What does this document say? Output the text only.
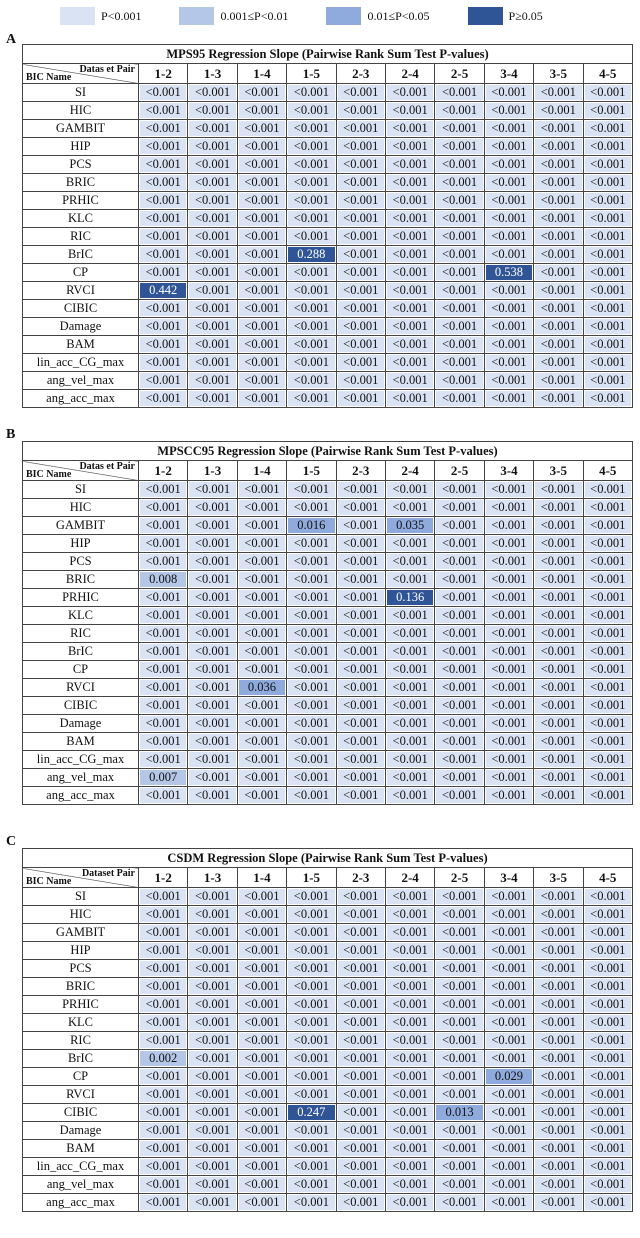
P<0.001	0.001≤P<0.01	0.01≤P<0.05	P≥0.05
A
MPS95 Regression Slope (Pairwise Rank Sum Test P-values)										

Datas et Pair
BIC Name	1-2	1-3	1-4	1-5	2-3	2-4	2-5	3-4	3-5	4-5
SI	<0.001	<0.001	<0.001	<0.001	<0.001	<0.001	<0.001	<0.001	<0.001	<0.001
HIC	<0.001	<0.001	<0.001	<0.001	<0.001	<0.001	<0.001	<0.001	<0.001	<0.001
GAMBIT	<0.001	<0.001	<0.001	<0.001	<0.001	<0.001	<0.001	<0.001	<0.001	<0.001
HIP	<0.001	<0.001	<0.001	<0.001	<0.001	<0.001	<0.001	<0.001	<0.001	<0.001
PCS	<0.001	<0.001	<0.001	<0.001	<0.001	<0.001	<0.001	<0.001	<0.001	<0.001
BRIC	<0.001	<0.001	<0.001	<0.001	<0.001	<0.001	<0.001	<0.001	<0.001	<0.001
PRHIC	<0.001	<0.001	<0.001	<0.001	<0.001	<0.001	<0.001	<0.001	<0.001	<0.001
KLC	<0.001	<0.001	<0.001	<0.001	<0.001	<0.001	<0.001	<0.001	<0.001	<0.001
RIC	<0.001	<0.001	<0.001	<0.001	<0.001	<0.001	<0.001	<0.001	<0.001	<0.001
BrIC	<0.001	<0.001	<0.001	0.288	<0.001	<0.001	<0.001	<0.001	<0.001	<0.001
CP	<0.001	<0.001	<0.001	<0.001	<0.001	<0.001	<0.001	0.538	<0.001	<0.001
RVCI	0.442	<0.001	<0.001	<0.001	<0.001	<0.001	<0.001	<0.001	<0.001	<0.001
CIBIC	<0.001	<0.001	<0.001	<0.001	<0.001	<0.001	<0.001	<0.001	<0.001	<0.001
Damage	<0.001	<0.001	<0.001	<0.001	<0.001	<0.001	<0.001	<0.001	<0.001	<0.001
BAM	<0.001	<0.001	<0.001	<0.001	<0.001	<0.001	<0.001	<0.001	<0.001	<0.001
lin_acc_CG_max	<0.001	<0.001	<0.001	<0.001	<0.001	<0.001	<0.001	<0.001	<0.001	<0.001
ang_vel_max	<0.001	<0.001	<0.001	<0.001	<0.001	<0.001	<0.001	<0.001	<0.001	<0.001
ang_acc_max	<0.001	<0.001	<0.001	<0.001	<0.001	<0.001	<0.001	<0.001	<0.001	<0.001
B
MPSCC95 Regression Slope (Pairwise Rank Sum Test P-values)										

Datas et Pair
BIC Name	1-2	1-3	1-4	1-5	2-3	2-4	2-5	3-4	3-5	4-5
SI	<0.001	<0.001	<0.001	<0.001	<0.001	<0.001	<0.001	<0.001	<0.001	<0.001
HIC	<0.001	<0.001	<0.001	<0.001	<0.001	<0.001	<0.001	<0.001	<0.001	<0.001
GAMBIT	<0.001	<0.001	<0.001	0.016	<0.001	0.035	<0.001	<0.001	<0.001	<0.001
HIP	<0.001	<0.001	<0.001	<0.001	<0.001	<0.001	<0.001	<0.001	<0.001	<0.001
PCS	<0.001	<0.001	<0.001	<0.001	<0.001	<0.001	<0.001	<0.001	<0.001	<0.001
BRIC	0.008	<0.001	<0.001	<0.001	<0.001	<0.001	<0.001	<0.001	<0.001	<0.001
PRHIC	<0.001	<0.001	<0.001	<0.001	<0.001	0.136	<0.001	<0.001	<0.001	<0.001
KLC	<0.001	<0.001	<0.001	<0.001	<0.001	<0.001	<0.001	<0.001	<0.001	<0.001
RIC	<0.001	<0.001	<0.001	<0.001	<0.001	<0.001	<0.001	<0.001	<0.001	<0.001
BrIC	<0.001	<0.001	<0.001	<0.001	<0.001	<0.001	<0.001	<0.001	<0.001	<0.001
CP	<0.001	<0.001	<0.001	<0.001	<0.001	<0.001	<0.001	<0.001	<0.001	<0.001
RVCI	<0.001	<0.001	0.036	<0.001	<0.001	<0.001	<0.001	<0.001	<0.001	<0.001
CIBIC	<0.001	<0.001	<0.001	<0.001	<0.001	<0.001	<0.001	<0.001	<0.001	<0.001
Damage	<0.001	<0.001	<0.001	<0.001	<0.001	<0.001	<0.001	<0.001	<0.001	<0.001
BAM	<0.001	<0.001	<0.001	<0.001	<0.001	<0.001	<0.001	<0.001	<0.001	<0.001
lin_acc_CG_max	<0.001	<0.001	<0.001	<0.001	<0.001	<0.001	<0.001	<0.001	<0.001	<0.001
ang_vel_max	0.007	<0.001	<0.001	<0.001	<0.001	<0.001	<0.001	<0.001	<0.001	<0.001
ang_acc_max	<0.001	<0.001	<0.001	<0.001	<0.001	<0.001	<0.001	<0.001	<0.001	<0.001
C
CSDM Regression Slope (Pairwise Rank Sum Test P-values)										

Dataset Pair
BIC Name	1-2	1-3	1-4	1-5	2-3	2-4	2-5	3-4	3-5	4-5
SI	<0.001	<0.001	<0.001	<0.001	<0.001	<0.001	<0.001	<0.001	<0.001	<0.001
HIC	<0.001	<0.001	<0.001	<0.001	<0.001	<0.001	<0.001	<0.001	<0.001	<0.001
GAMBIT	<0.001	<0.001	<0.001	<0.001	<0.001	<0.001	<0.001	<0.001	<0.001	<0.001
HIP	<0.001	<0.001	<0.001	<0.001	<0.001	<0.001	<0.001	<0.001	<0.001	<0.001
PCS	<0.001	<0.001	<0.001	<0.001	<0.001	<0.001	<0.001	<0.001	<0.001	<0.001
BRIC	<0.001	<0.001	<0.001	<0.001	<0.001	<0.001	<0.001	<0.001	<0.001	<0.001
PRHIC	<0.001	<0.001	<0.001	<0.001	<0.001	<0.001	<0.001	<0.001	<0.001	<0.001
KLC	<0.001	<0.001	<0.001	<0.001	<0.001	<0.001	<0.001	<0.001	<0.001	<0.001
RIC	<0.001	<0.001	<0.001	<0.001	<0.001	<0.001	<0.001	<0.001	<0.001	<0.001
BrIC	0.002	<0.001	<0.001	<0.001	<0.001	<0.001	<0.001	<0.001	<0.001	<0.001
CP	<0.001	<0.001	<0.001	<0.001	<0.001	<0.001	<0.001	0.029	<0.001	<0.001
RVCI	<0.001	<0.001	<0.001	<0.001	<0.001	<0.001	<0.001	<0.001	<0.001	<0.001
CIBIC	<0.001	<0.001	<0.001	0.247	<0.001	<0.001	0.013	<0.001	<0.001	<0.001
Damage	<0.001	<0.001	<0.001	<0.001	<0.001	<0.001	<0.001	<0.001	<0.001	<0.001
BAM	<0.001	<0.001	<0.001	<0.001	<0.001	<0.001	<0.001	<0.001	<0.001	<0.001
lin_acc_CG_max	<0.001	<0.001	<0.001	<0.001	<0.001	<0.001	<0.001	<0.001	<0.001	<0.001
ang_vel_max	<0.001	<0.001	<0.001	<0.001	<0.001	<0.001	<0.001	<0.001	<0.001	<0.001
ang_acc_max	<0.001	<0.001	<0.001	<0.001	<0.001	<0.001	<0.001	<0.001	<0.001	<0.001
